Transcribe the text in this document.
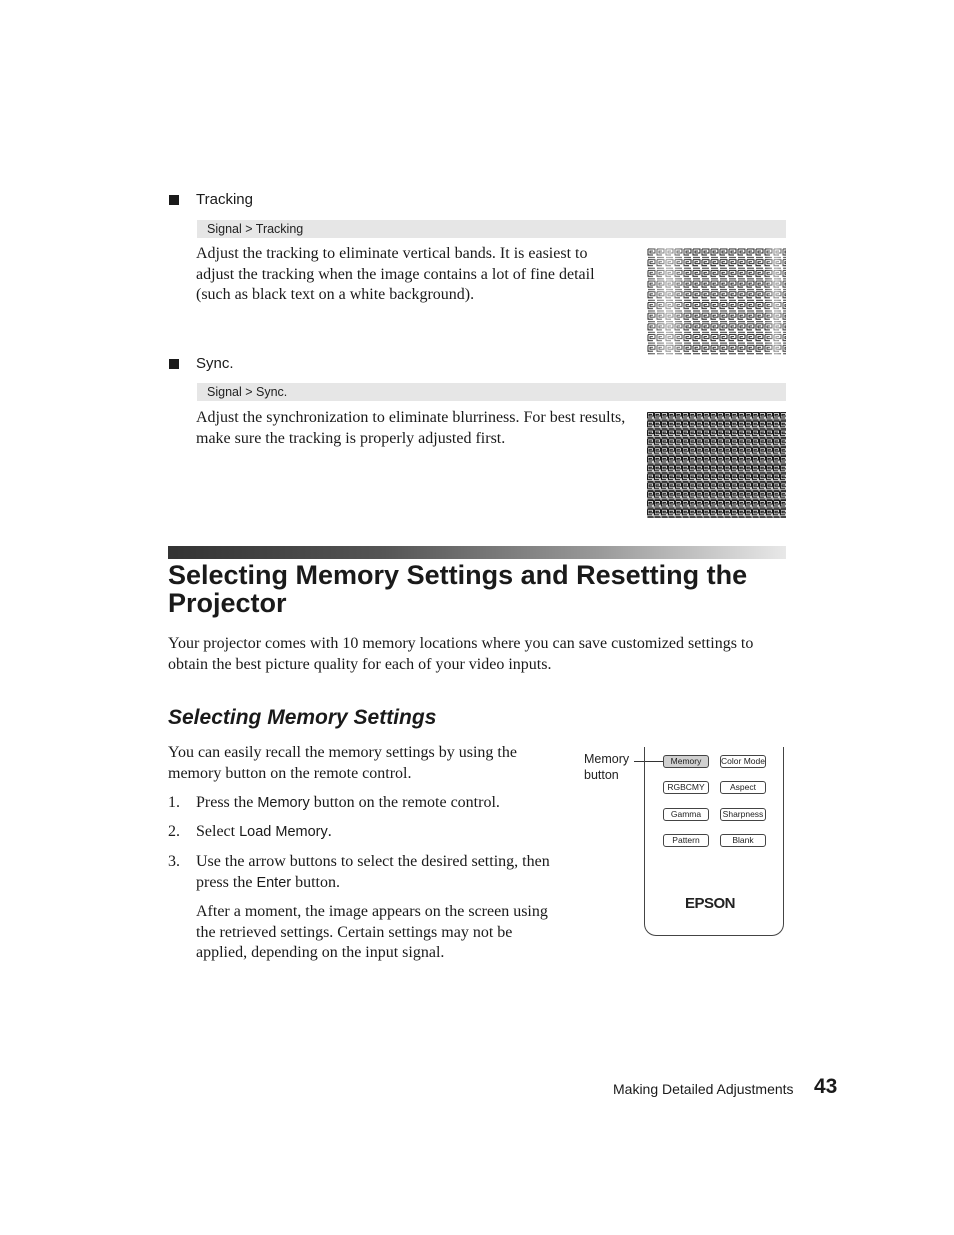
Tracking
Signal > Tracking
Adjust the tracking to eliminate vertical bands. It is easiest to adjust the tracking when the image contains a lot of fine detail (such as black text on a white background).
Sync.
Signal > Sync.
Adjust the synchronization to eliminate blurriness. For best results, make sure the tracking is properly adjusted first.
Selecting Memory Settings and Resetting the Projector
Your projector comes with 10 memory locations where you can save customized settings to obtain the best picture quality for each of your video inputs.
Selecting Memory Settings
You can easily recall the memory settings by using the memory button on the remote control.
1. Press the Memory button on the remote control.
2. Select Load Memory.
3. Use the arrow buttons to select the desired setting, then press the Enter button.
After a moment, the image appears on the screen using the retrieved settings. Certain settings may not be applied, depending on the input signal.
Memory
button
Memory	Color Mode
RGBCMY	Aspect
Gamma	Sharpness
Pattern	Blank
EPSON
Making Detailed Adjustments 43
